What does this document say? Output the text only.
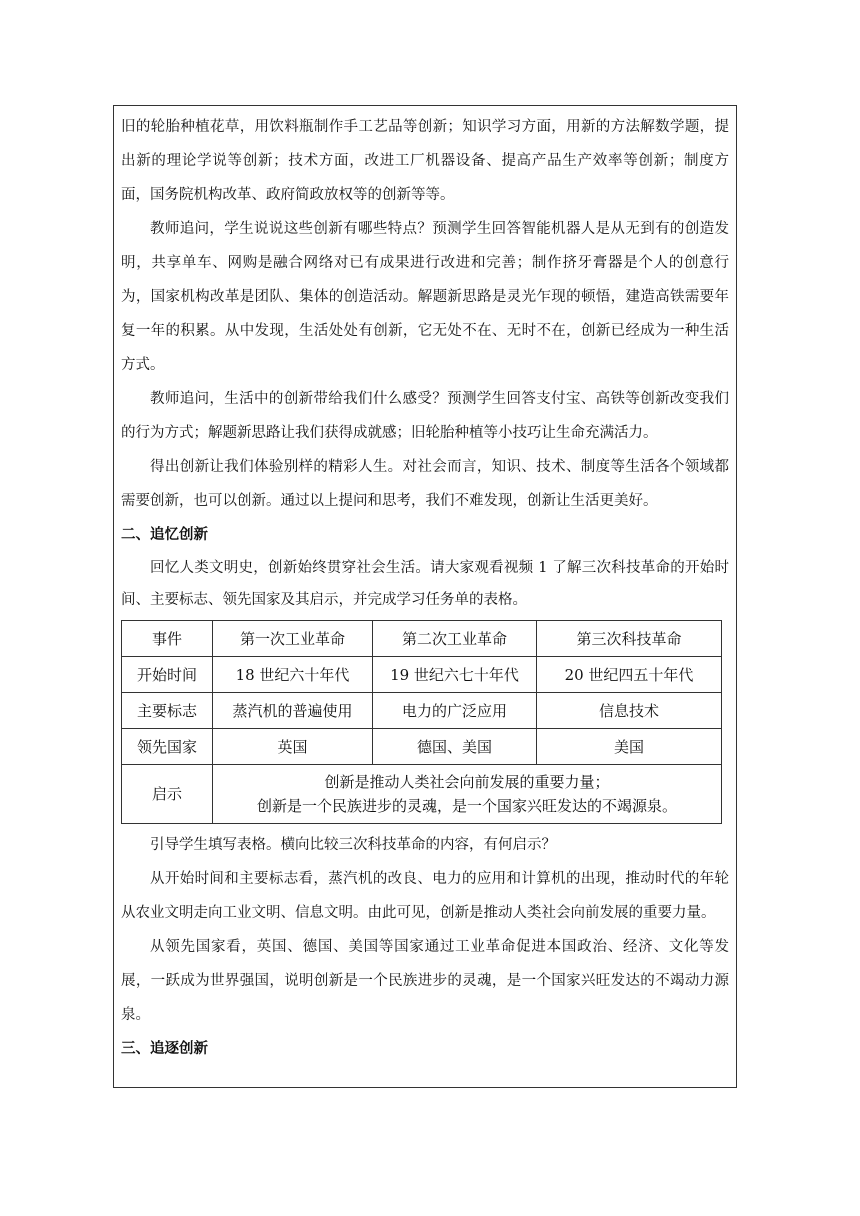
旧的轮胎种植花草，用饮料瓶制作手工艺品等创新；知识学习方面，用新的方法解数学题，提出新的理论学说等创新；技术方面，改进工厂机器设备、提高产品生产效率等创新；制度方面，国务院机构改革、政府简政放权等的创新等等。

教师追问，学生说说这些创新有哪些特点？预测学生回答智能机器人是从无到有的创造发明，共享单车、网购是融合网络对已有成果进行改进和完善；制作挤牙膏器是个人的创意行为，国家机构改革是团队、集体的创造活动。解题新思路是灵光乍现的顿悟，建造高铁需要年复一年的积累。从中发现，生活处处有创新，它无处不在、无时不在，创新已经成为一种生活方式。

教师追问，生活中的创新带给我们什么感受？预测学生回答支付宝、高铁等创新改变我们的行为方式；解题新思路让我们获得成就感；旧轮胎种植等小技巧让生命充满活力。

得出创新让我们体验别样的精彩人生。对社会而言，知识、技术、制度等生活各个领域都需要创新，也可以创新。通过以上提问和思考，我们不难发现，创新让生活更美好。

二、追忆创新

回忆人类文明史，创新始终贯穿社会生活。请大家观看视频 1 了解三次科技革命的开始时间、主要标志、领先国家及其启示，并完成学习任务单的表格。

事件	第一次工业革命	第二次工业革命	第三次科技革命
开始时间	18 世纪六十年代	19 世纪六七十年代	20 世纪四五十年代
主要标志	蒸汽机的普遍使用	电力的广泛应用	信息技术
领先国家	英国	德国、美国	美国
启示	创新是推动人类社会向前发展的重要力量；
创新是一个民族进步的灵魂，是一个国家兴旺发达的不竭源泉。		

引导学生填写表格。横向比较三次科技革命的内容，有何启示？

从开始时间和主要标志看，蒸汽机的改良、电力的应用和计算机的出现，推动时代的年轮从农业文明走向工业文明、信息文明。由此可见，创新是推动人类社会向前发展的重要力量。

从领先国家看，英国、德国、美国等国家通过工业革命促进本国政治、经济、文化等发展，一跃成为世界强国，说明创新是一个民族进步的灵魂，是一个国家兴旺发达的不竭动力源泉。

三、追逐创新
